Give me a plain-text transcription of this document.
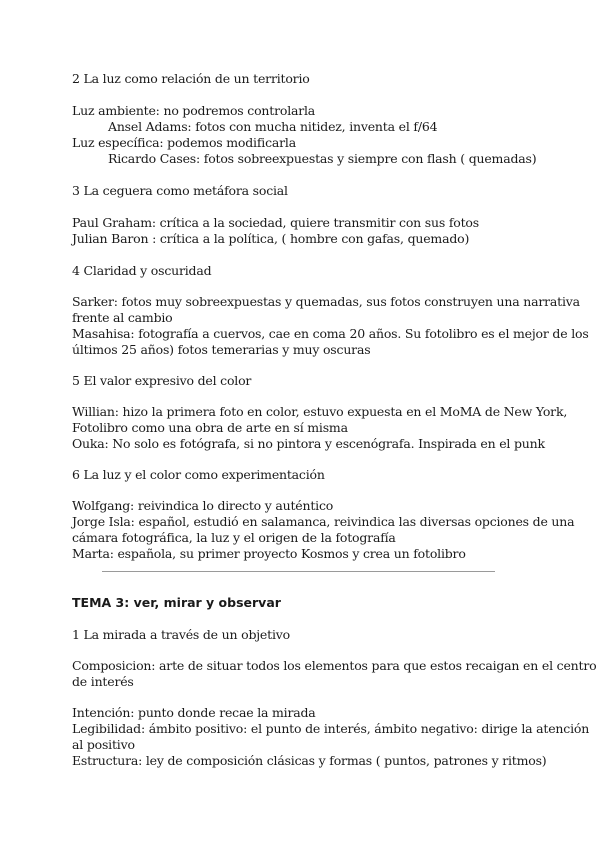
2 La luz como relación de un territorio
Luz ambiente: no podremos controlarla
Ansel Adams: fotos con mucha nitidez, inventa el f/64
Luz específica: podemos modificarla
Ricardo Cases: fotos sobreexpuestas y siempre con flash ( quemadas)
3 La ceguera como metáfora social
Paul Graham: crítica a la sociedad, quiere transmitir con sus fotos
Julian Baron : crítica a la política, ( hombre con gafas, quemado)
4 Claridad y oscuridad
Sarker: fotos muy sobreexpuestas y quemadas, sus fotos construyen una narrativa
frente al cambio
Masahisa: fotografía a cuervos, cae en coma 20 años. Su fotolibro es el mejor de los
últimos 25 años) fotos temerarias y muy oscuras
5 El valor expresivo del color
Willian: hizo la primera foto en color, estuvo expuesta en el MoMA de New York,
Fotolibro como una obra de arte en sí misma
Ouka: No solo es fotógrafa, si no pintora y escenógrafa. Inspirada en el punk
6 La luz y el color como experimentación
Wolfgang: reivindica lo directo y auténtico
Jorge Isla: español, estudió en salamanca, reivindica las diversas opciones de una
cámara fotográfica, la luz y el origen de la fotografía
Marta: española, su primer proyecto Kosmos y crea un fotolibro
TEMA 3: ver, mirar y observar
1 La mirada a través de un objetivo
Composicion: arte de situar todos los elementos para que estos recaigan en el centro
de interés
Intención: punto donde recae la mirada
Legibilidad: ámbito positivo: el punto de interés, ámbito negativo: dirige la atención
al positivo
Estructura: ley de composición clásicas y formas ( puntos, patrones y ritmos)
